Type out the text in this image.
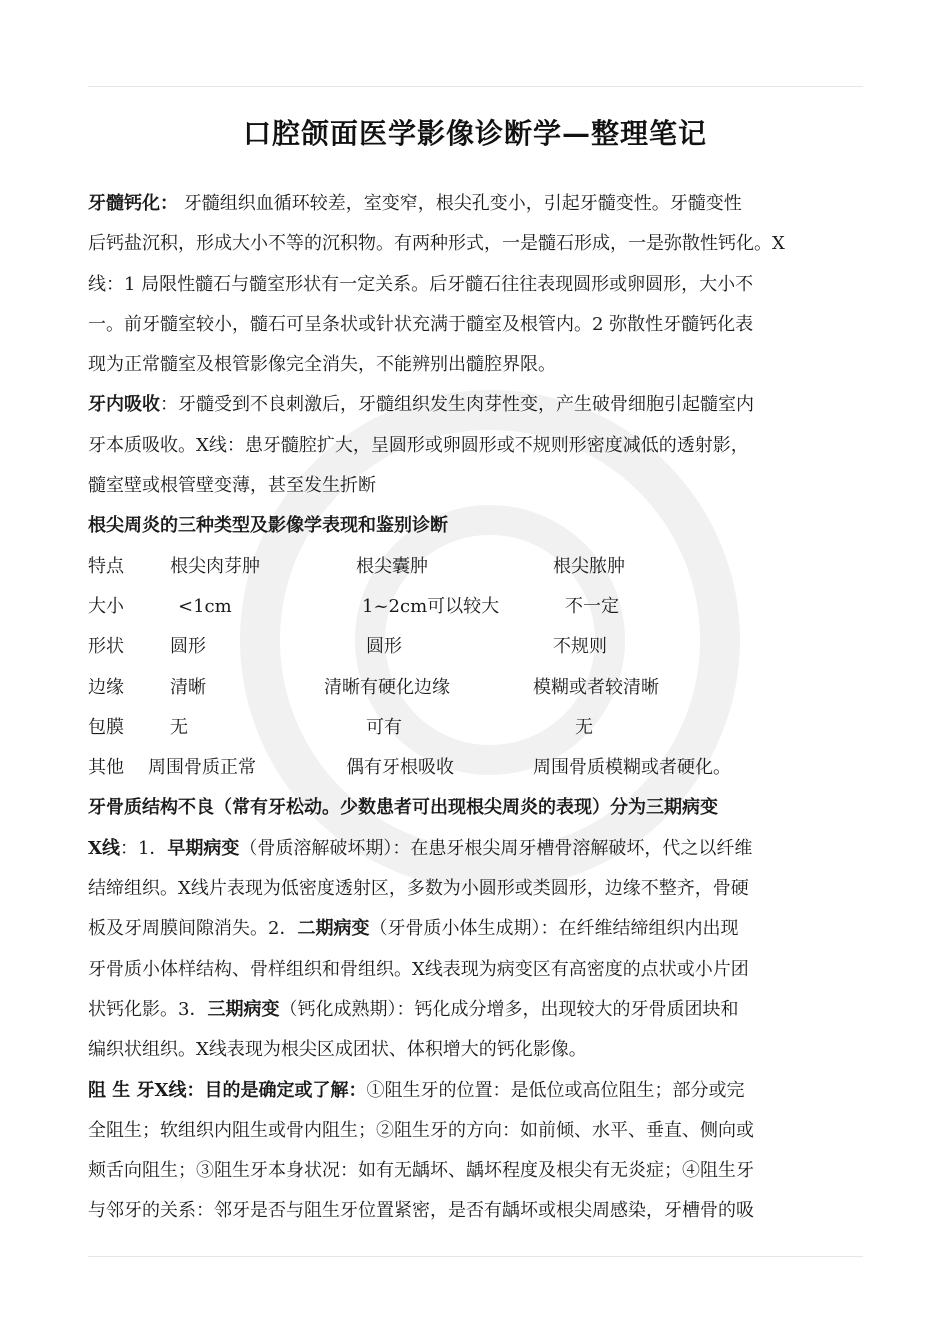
口腔颌面医学影像诊断学—整理笔记
牙髓钙化： 牙髓组织血循环较差，室变窄，根尖孔变小，引起牙髓变性。牙髓变性
后钙盐沉积，形成大小不等的沉积物。有两种形式，一是髓石形成，一是弥散性钙化。X
线：1 局限性髓石与髓室形状有一定关系。后牙髓石往往表现圆形或卵圆形，大小不
一。前牙髓室较小，髓石可呈条状或针状充满于髓室及根管内。2 弥散性牙髓钙化表
现为正常髓室及根管影像完全消失，不能辨别出髓腔界限。
牙内吸收：牙髓受到不良刺激后，牙髓组织发生肉芽性变，产生破骨细胞引起髓室内
牙本质吸收。X线：患牙髓腔扩大，呈圆形或卵圆形或不规则形密度减低的透射影，
髓室壁或根管壁变薄，甚至发生折断
根尖周炎的三种类型及影像学表现和鉴别诊断
特点	根尖肉芽肿	根尖囊肿	根尖脓肿
大小	<1cm	1~2cm可以较大	不一定
形状	圆形	圆形	不规则
边缘	清晰	清晰有硬化边缘	模糊或者较清晰
包膜	无	可有	无
其他 周围骨质正常	偶有牙根吸收	周围骨质模糊或者硬化。
牙骨质结构不良（常有牙松动。少数患者可出现根尖周炎的表现）分为三期病变
X线：1．早期病变（骨质溶解破坏期）：在患牙根尖周牙槽骨溶解破坏，代之以纤维
结缔组织。X线片表现为低密度透射区，多数为小圆形或类圆形，边缘不整齐，骨硬
板及牙周膜间隙消失。2．二期病变（牙骨质小体生成期）：在纤维结缔组织内出现
牙骨质小体样结构、骨样组织和骨组织。X线表现为病变区有高密度的点状或小片团
状钙化影。3．三期病变（钙化成熟期）：钙化成分增多，出现较大的牙骨质团块和
编织状组织。X线表现为根尖区成团状、体积增大的钙化影像。
阻 生 牙X线：目的是确定或了解：①阻生牙的位置：是低位或高位阻生；部分或完
全阻生；软组织内阻生或骨内阻生；②阻生牙的方向：如前倾、水平、垂直、侧向或
颊舌向阻生；③阻生牙本身状况：如有无龋坏、龋坏程度及根尖有无炎症；④阻生牙
与邻牙的关系：邻牙是否与阻生牙位置紧密，是否有龋坏或根尖周感染，牙槽骨的吸
